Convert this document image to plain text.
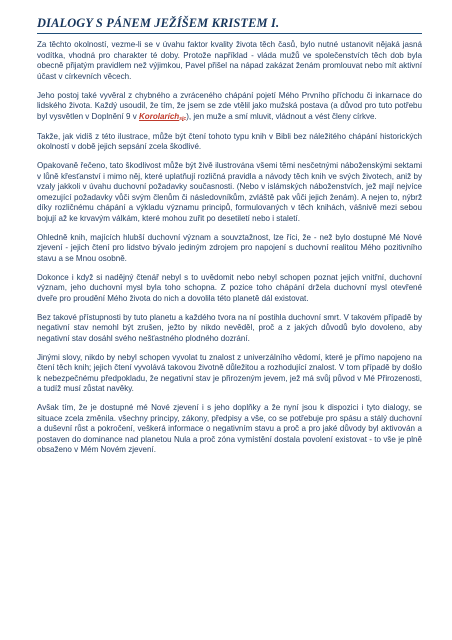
DIALOGY S PÁNEM JEŽÍŠEM KRISTEM I.

Za těchto okolností, vezme-li se v úvahu faktor kvality života těch časů, bylo nutné ustanovit nějaká jasná vodítka, vhodná pro charakter té doby. Protože například - vláda mužů ve společenstvích těch dob byla obecně přijatým pravidlem než výjimkou, Pavel přišel na nápad zakázat ženám promlouvat nebo mít aktivní účast v církevních věcech.

Jeho postoj také vyvěral z chybného a zvráceného chápání pojetí Mého Prvního příchodu či inkarnace do lidského života. Každý usoudil, že tím, že jsem se zde vtělil jako mužská postava (a důvod pro tuto potřebu byl vysvětlen v Doplnění 9 v Korolarích$_{sic}$), jen muže a smí mluvit, vládnout a vést členy církve.

Takže, jak vidíš z této ilustrace, může být čtení tohoto typu knih v Bibli bez náležitého chápání historických okolností v době jejich sepsání zcela škodlivé.

Opakovaně řečeno, tato škodlivost může být živě ilustrována všemi těmi nesčetnými náboženskými sektami v lůně křesťanství i mimo něj, které uplatňují rozličná pravidla a návody těch knih ve svých životech, aniž by vzaly jakkoli v úvahu duchovní požadavky současnosti. (Nebo v islámských náboženstvích, jež mají nejvíce omezující požadavky vůči svým členům či následovníkům, zvláště pak vůči jejich ženám). A nejen to, nýbrž díky rozličnému chápání a výkladu významu principů, formulovaných v těch knihách, vášnivě mezi sebou bojují až ke krvavým válkám, které mohou zuřit po desetiletí nebo i staletí.

Ohledně knih, majících hlubší duchovní význam a souvztažnost, lze říci, že - než bylo dostupné Mé Nové zjevení - jejich čtení pro lidstvo bývalo jediným zdrojem pro napojení s duchovní realitou Mého pozitivního stavu a se Mnou osobně.

Dokonce i když si nadějný čtenář nebyl s to uvědomit nebo nebyl schopen poznat jejich vnitřní, duchovní význam, jeho duchovní mysl byla toho schopna. Z pozice toho chápání držela duchovní mysl otevřené dveře pro proudění Mého života do nich a dovolila této planetě dál existovat.

Bez takové přístupnosti by tuto planetu a každého tvora na ní postihla duchovní smrt. V takovém případě by negativní stav nemohl být zrušen, ježto by nikdo nevěděl, proč a z jakých důvodů bylo dovoleno, aby negativní stav dosáhl svého nešťastného plodného dozrání.

Jinými slovy, nikdo by nebyl schopen vyvolat tu znalost z univerzálního vědomí, které je přímo napojeno na čtení těch knih; jejich čtení vyvolává takovou životně důležitou a rozhodující znalost. V tom případě by došlo k nebezpečnému předpokladu, že negativní stav je přirozeným jevem, jež má svůj původ v Mé Přirozenosti, a tudíž musí zůstat navěky.

Avšak tím, že je dostupné mé Nové zjevení i s jeho doplňky a že nyní jsou k dispozici i tyto dialogy, se situace zcela změnila. všechny principy, zákony, předpisy a vše, co se potřebuje pro spásu a stálý duchovní a duševní růst a pokročení, veškerá informace o negativním stavu a proč a pro jaké důvody byl aktivován a postaven do dominance nad planetou Nula a proč zóna vymístění dostala povolení existovat - to vše je plně obsaženo v Mém Novém zjevení.
